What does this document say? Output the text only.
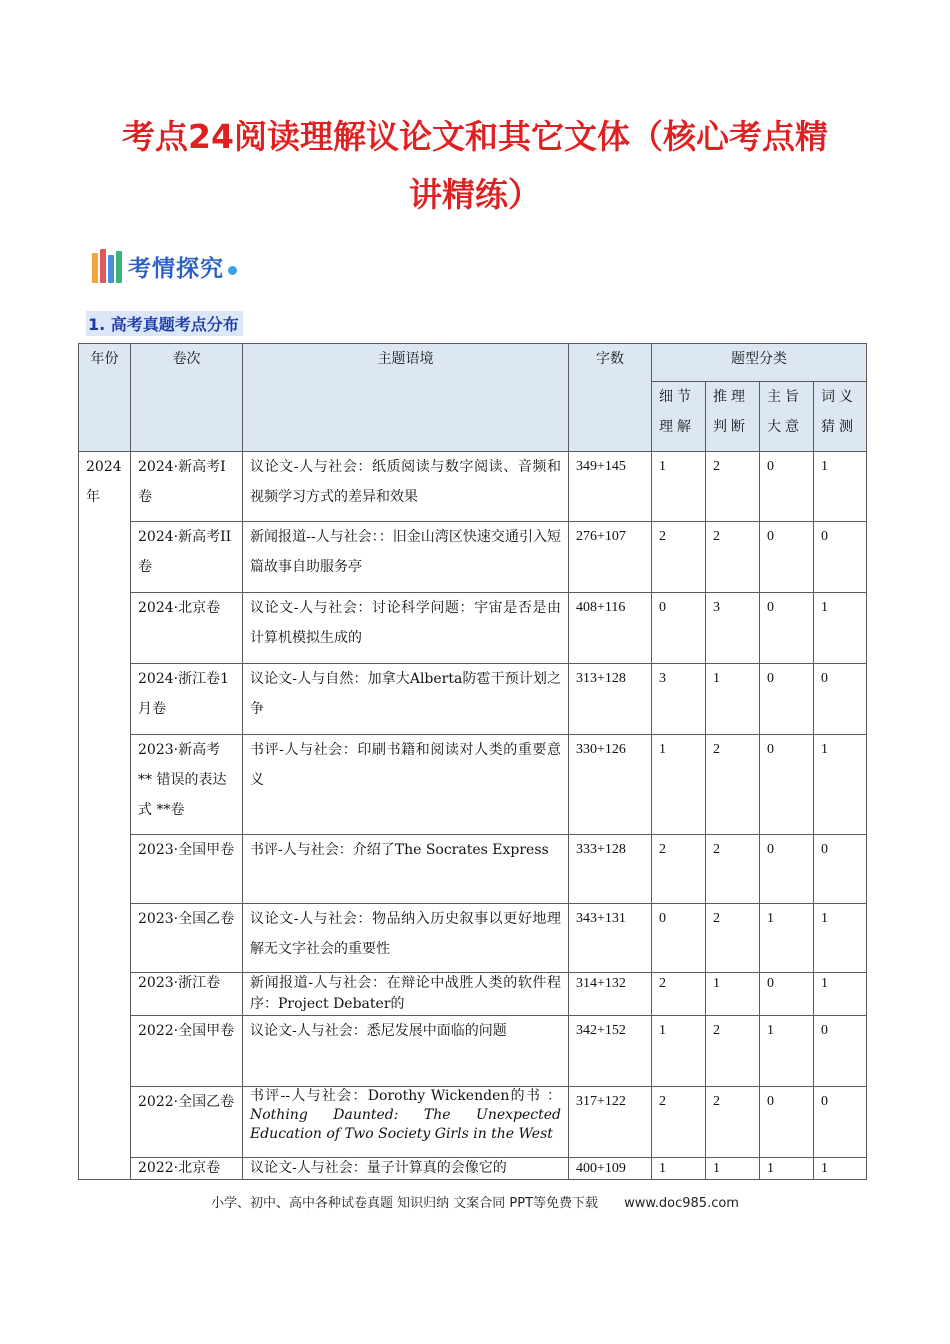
考点24阅读理解议论文和其它文体（核心考点精
讲精练）
考情探究
1. 高考真题考点分布
年份	卷次	主题语境	字数	题型分类			
				细节理解	推理判断	主旨大意	词义猜测
2024年	2024·新高考I卷	议论文-人与社会：纸质阅读与数字阅读、音频和视频学习方式的差异和效果	349+145	1	2	0	1
	2024·新高考II卷	新闻报道--人与社会：：旧金山湾区快速交通引入短篇故事自助服务亭	276+107	2	2	0	0
	2024·北京卷	议论文-人与社会：讨论科学问题：宇宙是否是由计算机模拟生成的	408+116	0	3	0	1
	2024·浙江卷1月卷	议论文-人与自然：加拿大Alberta防雹干预计划之争	313+128	3	1	0	0
	2023·新高考 ** 错误的表达式 **卷	书评-人与社会：印刷书籍和阅读对人类的重要意义	330+126	1	2	0	1
	2023·全国甲卷	书评-人与社会：介绍了The Socrates Express	333+128	2	2	0	0
	2023·全国乙卷	议论文-人与社会：物品纳入历史叙事以更好地理解无文字社会的重要性	343+131	0	2	1	1
	2023·浙江卷	新闻报道-人与社会：在辩论中战胜人类的软件程序：Project Debater的	314+132	2	1	0	1
	2022·全国甲卷	议论文-人与社会：悉尼发展中面临的问题	342+152	1	2	1	0
	2022·全国乙卷	书评--人与社会：Dorothy Wickenden的书 ：Nothing Daunted: The Unexpected Education of Two Society Girls in the West	317+122	2	2	0	0
	2022·北京卷	议论文-人与社会：量子计算真的会像它的	400+109	1	1	1	1
小学、初中、高中各种试卷真题 知识归纳 文案合同 PPT等免费下载 www.doc985.com
